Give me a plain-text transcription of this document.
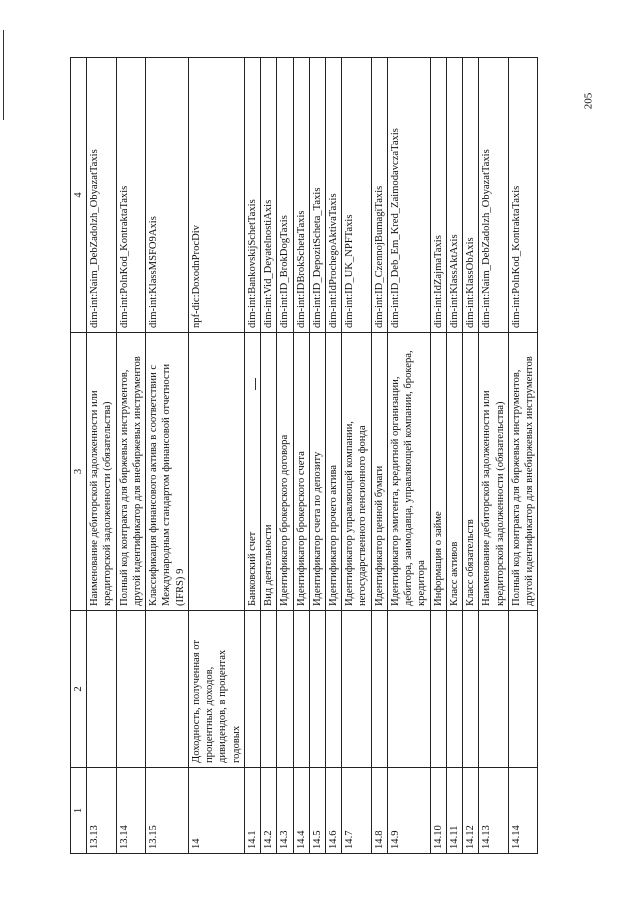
205
1	2	3	4
13.13		Наименование дебиторской задолженности или кредиторской задолженности (обязательства)	dim-int:Naim_DebZadolzh_ObyazatTaxis
13.14		Полный код контракта для биржевых инструментов, другой идентификатор для внебиржевых инструментов	dim-int:PolnKod_KontraktaTaxis
13.15		Классификация финансового актива в соответствии с Международным стандартом финансовой отчетности (IFRS) 9	dim-int:KlassMSFO9Axis
14	Доходность, полученная от процентных доходов, дивидендов, в процентах годовых		npf-dic:DoxodnProcDiv
14.1		Банковский счет	dim-int:BankovskijSchetTaxis
14.2		Вид деятельности	dim-int:Vid_DeyatelnostiAxis
14.3		Идентификатор брокерского договора	dim-int:ID_BrokDogTaxis
14.4		Идентификатор брокерского счета	dim-int:IDBrokSchetaTaxis
14.5		Идентификатор счета по депозиту	dim-int:ID_DepozitScheta_Taxis
14.6		Идентификатор прочего актива	dim-int:IdProchegoAktivaTaxis
14.7		Идентификатор управляющей компании, негосударственного пенсионного фонда	dim-int:ID_UK_NPFTaxis
14.8		Идентификатор ценной бумаги	dim-int:ID_CzennojBumagiTaxis
14.9		Идентификатор эмитента, кредитной организации, дебитора, заимодавца, управляющей компании, брокера, кредитора	dim-int:ID_Deb_Em_Kred_ZaimodavczaTaxis
14.10		Информация о займе	dim-int:IdZajmaTaxis
14.11		Класс активов	dim-int:KlassAktAxis
14.12		Класс обязательств	dim-int:KlassObAxis
14.13		Наименование дебиторской задолженности или кредиторской задолженности (обязательства)	dim-int:Naim_DebZadolzh_ObyazatTaxis
14.14		Полный код контракта для биржевых инструментов, другой идентификатор для внебиржевых инструментов	dim-int:PolnKod_KontraktaTaxis
